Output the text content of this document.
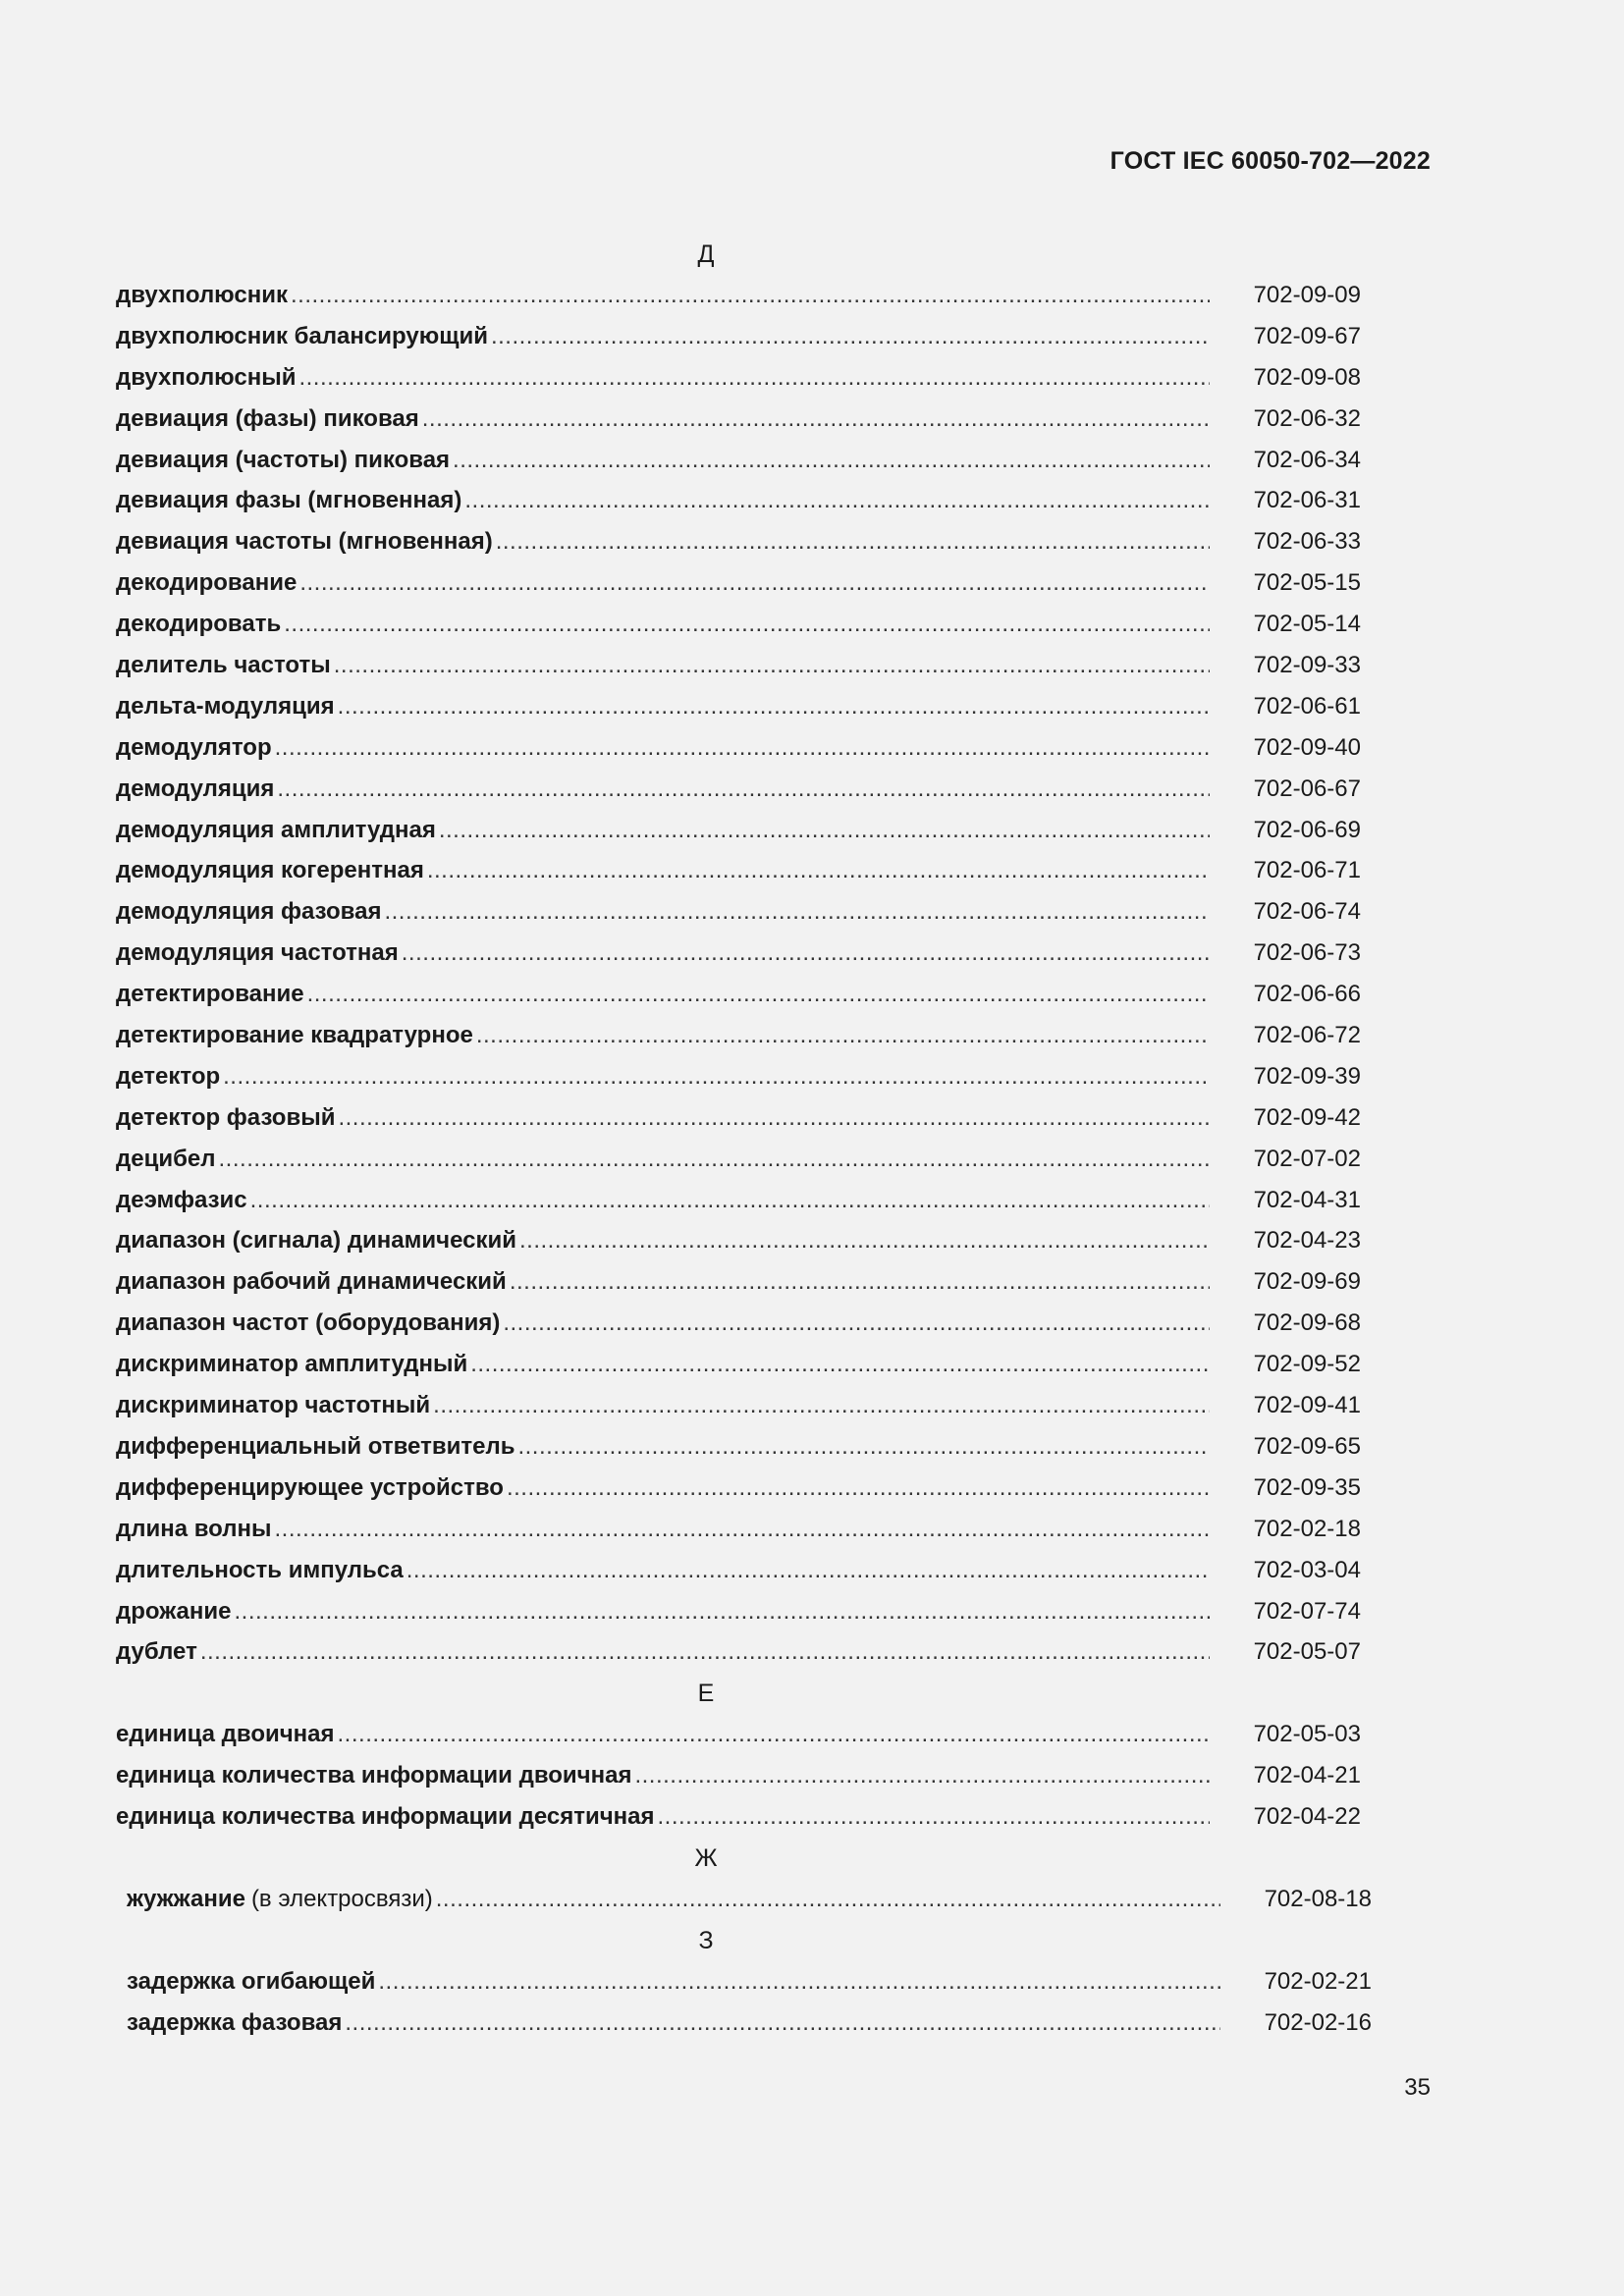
ГОСТ IEC 60050-702—2022
Д
двухполюсник .....	702-09-09
двухполюсник балансирующий .....	702-09-67
двухполюсный .....	702-09-08
девиация (фазы) пиковая .....	702-06-32
девиация (частоты) пиковая .....	702-06-34
девиация фазы (мгновенная) .....	702-06-31
девиация частоты (мгновенная) .....	702-06-33
декодирование .....	702-05-15
декодировать .....	702-05-14
делитель частоты .....	702-09-33
дельта-модуляция .....	702-06-61
демодулятор .....	702-09-40
демодуляция .....	702-06-67
демодуляция амплитудная .....	702-06-69
демодуляция когерентная .....	702-06-71
демодуляция фазовая .....	702-06-74
демодуляция частотная .....	702-06-73
детектирование .....	702-06-66
детектирование квадратурное .....	702-06-72
детектор .....	702-09-39
детектор фазовый .....	702-09-42
децибел .....	702-07-02
деэмфазис .....	702-04-31
диапазон (сигнала) динамический .....	702-04-23
диапазон рабочий динамический .....	702-09-69
диапазон частот (оборудования) .....	702-09-68
дискриминатор амплитудный .....	702-09-52
дискриминатор частотный .....	702-09-41
дифференциальный ответвитель .....	702-09-65
дифференцирующее устройство .....	702-09-35
длина волны .....	702-02-18
длительность импульса .....	702-03-04
дрожание .....	702-07-74
дублет .....	702-05-07
Е
единица двоичная .....	702-05-03
единица количества информации двоичная .....	702-04-21
единица количества информации десятичная .....	702-04-22
Ж
жужжание (в электросвязи) .....	702-08-18
З
задержка огибающей .....	702-02-21
задержка фазовая .....	702-02-16
35
